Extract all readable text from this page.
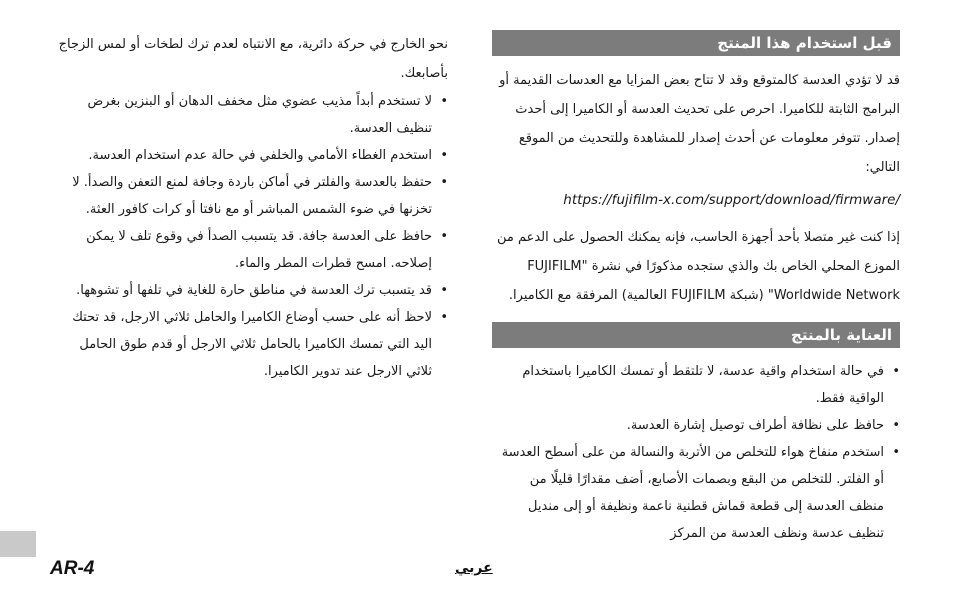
قبل استخدام هذا المنتج

قد لا تؤدي العدسة كالمتوقع وقد لا تتاح بعض المزايا مع العدسات القديمة أو البرامج الثابتة للكاميرا. احرص على تحديث العدسة أو الكاميرا إلى أحدث إصدار. تتوفر معلومات عن أحدث إصدار للمشاهدة وللتحديث من الموقع التالي:

https://fujifilm-x.com/support/download/firmware/

إذا كنت غير متصلا بأحد أجهزة الحاسب، فإنه يمكنك الحصول على الدعم من الموزع المحلي الخاص بك والذي ستجده مذكورًا في نشرة "FUJIFILM Worldwide Network" (شبكة FUJIFILM العالمية) المرفقة مع الكاميرا.

العناية بالمنتج
•
في حالة استخدام واقية عدسة، لا تلتقط أو تمسك الكاميرا باستخدام الواقية فقط.
•
حافظ على نظافة أطراف توصيل إشارة العدسة.
•
استخدم منفاخ هواء للتخلص من الأتربة والنسالة من على أسطح العدسة أو الفلتر. للتخلص من البقع وبصمات الأصابع، أضف مقدارًا قليلًا من منظف العدسة إلى قطعة قماش قطنية ناعمة ونظيفة أو إلى منديل تنظيف عدسة ونظف العدسة من المركز

نحو الخارج في حركة دائرية، مع الانتباه لعدم ترك لطخات أو لمس الزجاج بأصابعك.

•
لا تستخدم أبداً مذيب عضوي مثل مخفف الدهان أو البنزين بغرض تنظيف العدسة.
•
استخدم الغطاء الأمامي والخلفي في حالة عدم استخدام العدسة.
•
حتفظ بالعدسة والفلتر في أماكن باردة وجافة لمنع التعفن والصدأ. لا تخزنها في ضوء الشمس المباشر أو مع نافتا أو كرات كافور العثة.
•
حافظ على العدسة جافة. قد يتسبب الصدأ في وقوع تلف لا يمكن إصلاحه. امسح قطرات المطر والماء.
•
قد يتسبب ترك العدسة في مناطق حارة للغاية في تلفها أو تشوهها.
•
لاحظ أنه على حسب أوضاع الكاميرا والحامل ثلاثي الارجل، قد تحتك اليد التي تمسك الكاميرا بالحامل ثلاثي الارجل أو قدم طوق الحامل ثلاثي الارجل عند تدوير الكاميرا.
AR-4	عربي
